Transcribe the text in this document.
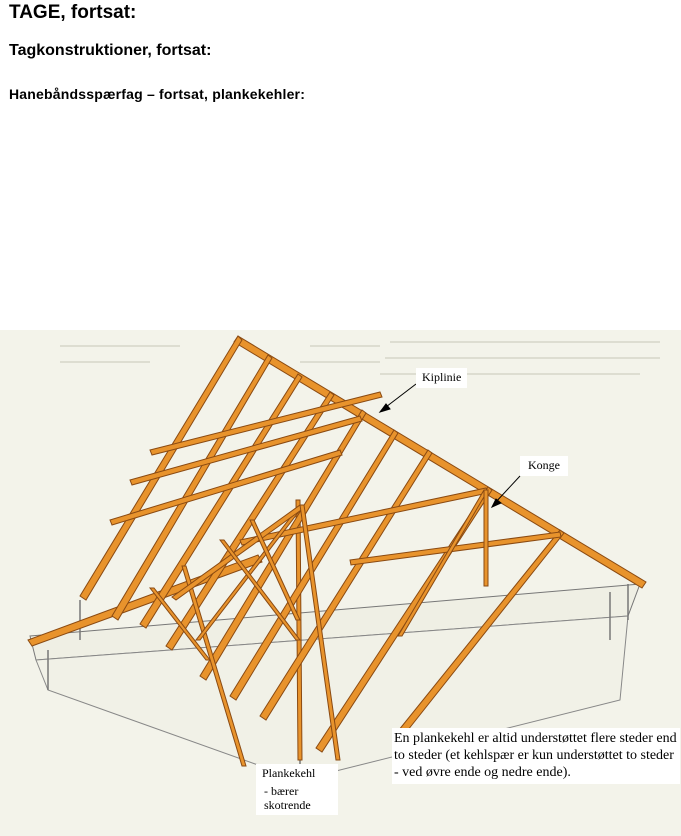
TAGE, fortsat:
Tagkonstruktioner, fortsat:
Hanebåndsspærfag – fortsat, plankekehler:
Kiplinie
Konge
Plankekehl
- bærer skotrende
En plankekehl er altid understøttet flere steder end to steder (et kehlspær er kun understøttet to steder - ved øvre ende og nedre ende).
